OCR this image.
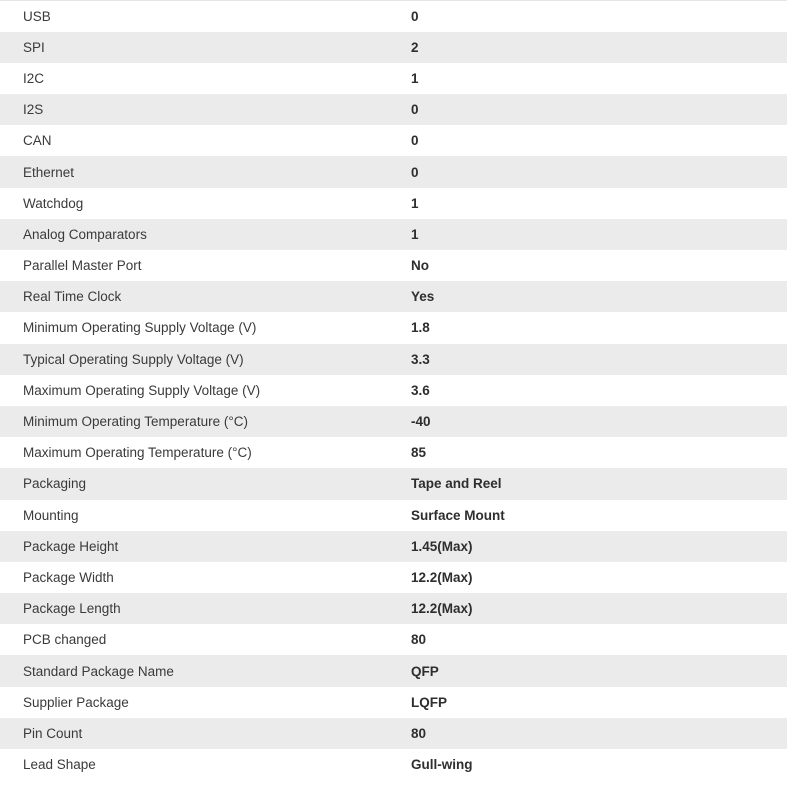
USB	0
SPI	2
I2C	1
I2S	0
CAN	0
Ethernet	0
Watchdog	1
Analog Comparators	1
Parallel Master Port	No
Real Time Clock	Yes
Minimum Operating Supply Voltage (V)	1.8
Typical Operating Supply Voltage (V)	3.3
Maximum Operating Supply Voltage (V)	3.6
Minimum Operating Temperature (°C)	-40
Maximum Operating Temperature (°C)	85
Packaging	Tape and Reel
Mounting	Surface Mount
Package Height	1.45(Max)
Package Width	12.2(Max)
Package Length	12.2(Max)
PCB changed	80
Standard Package Name	QFP
Supplier Package	LQFP
Pin Count	80
Lead Shape	Gull-wing
